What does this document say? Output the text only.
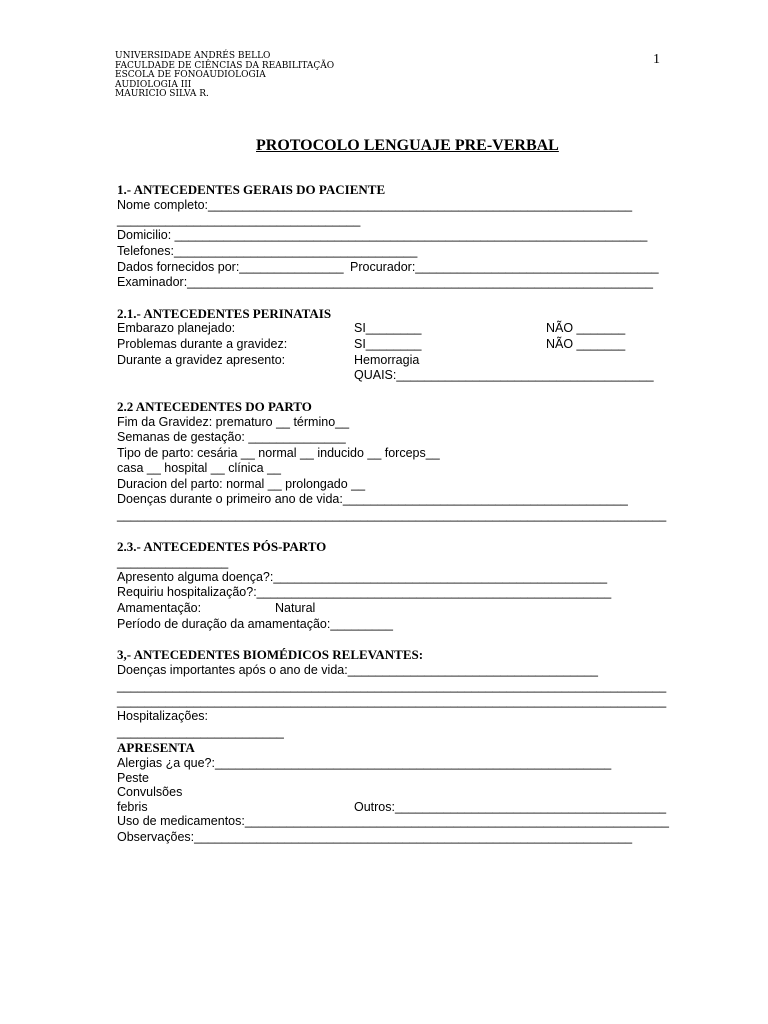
UNIVERSIDADE ANDRÉS BELLO
FACULDADE DE CIÊNCIAS DA REABILITAÇÃO
ESCOLA DE FONOAUDIOLOGIA
AUDIOLOGIA III
MAURICIO SILVA R.
1
PROTOCOLO LENGUAJE PRE-VERBAL
1.- ANTECEDENTES GERAIS DO PACIENTE
Nome completo:_____________________________________________________________
___________________________________
Domicilio: ____________________________________________________________________
Telefones:___________________________________
Dados fornecidos por:_______________ Procurador:___________________________________
Examinador:___________________________________________________________________
2.1.- ANTECEDENTES PERINATAIS
Embarazo planejado:	SI________	NÃO _______
Problemas durante a gravidez:	SI________	NÃO _______
Durante a gravidez apresento:	Hemorragia
QUAIS:_____________________________________
2.2 ANTECEDENTES DO PARTO
Fim da Gravidez: prematuro __ término__
Semanas de gestação: ______________
Tipo de parto: cesária __ normal __ inducido __ forceps__
casa __ hospital __ clínica __
Duracion del parto: normal __ prolongado __
Doenças durante o primeiro ano de vida:_________________________________________
_______________________________________________________________________________
2.3.- ANTECEDENTES PÓS-PARTO
________________
Apresento alguma doença?:________________________________________________
Requiriu hospitalização?:___________________________________________________
Amamentação:	Natural
Período de duração da amamentação:_________
3,- ANTECEDENTES BIOMÉDICOS RELEVANTES:
Doenças importantes após o ano de vida:____________________________________
_______________________________________________________________________________
_______________________________________________________________________________
Hospitalizações:
________________________
APRESENTA
Alergias ¿a que?:_________________________________________________________
Peste
Convulsões
febris	Outros:_______________________________________
Uso de medicamentos:_____________________________________________________________
Observações:_______________________________________________________________
